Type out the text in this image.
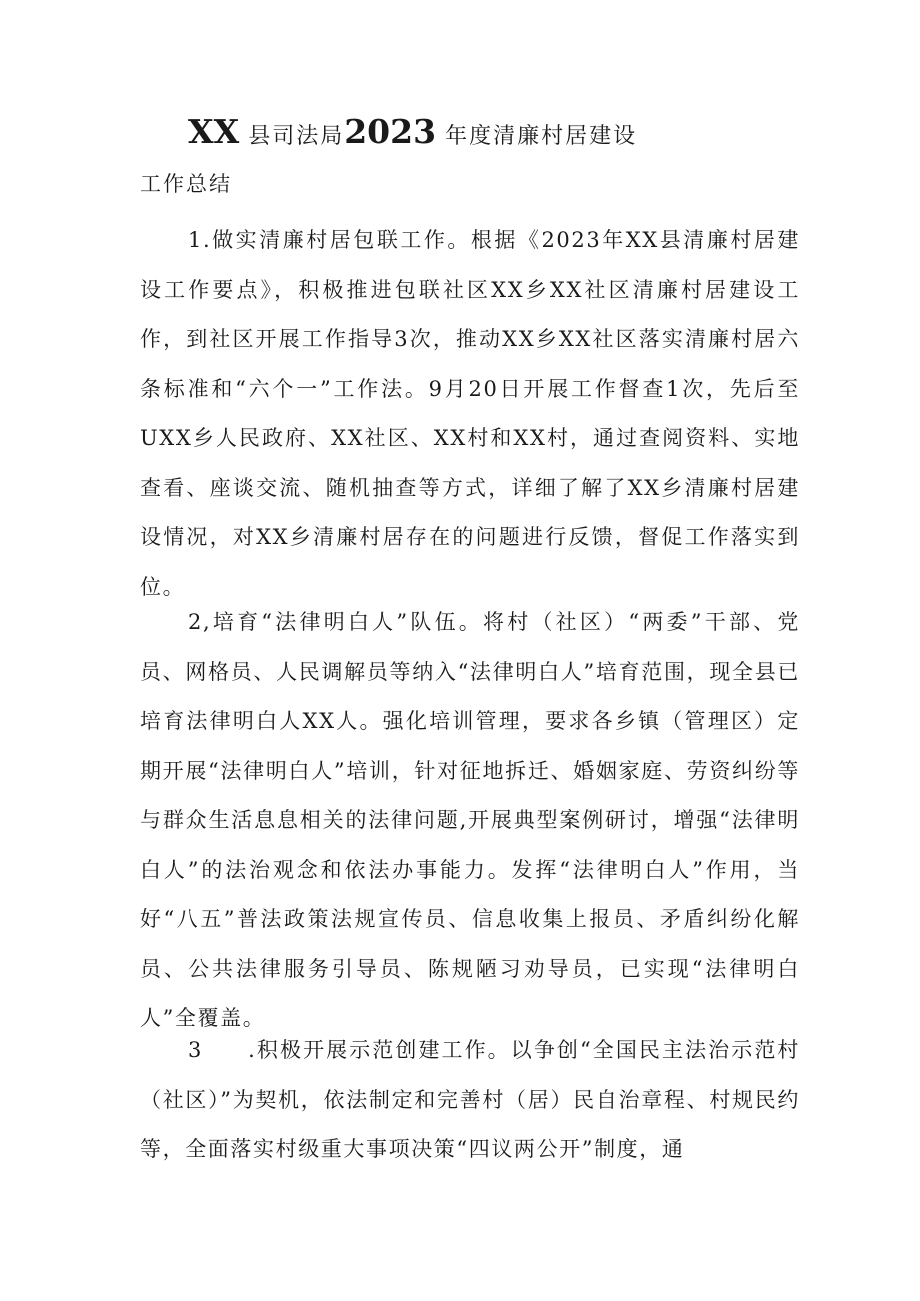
XX 县司法局2023 年度清廉村居建设
工作总结

1.做实清廉村居包联工作。根据《2023年XX县清廉村居建设工作要点》，积极推进包联社区XX乡XX社区清廉村居建设工作，到社区开展工作指导3次，推动XX乡XX社区落实清廉村居六条标准和“六个一”工作法。9月20日开展工作督查1次，先后至UXX乡人民政府、XX社区、XX村和XX村，通过查阅资料、实地查看、座谈交流、随机抽查等方式，详细了解了XX乡清廉村居建设情况，对XX乡清廉村居存在的问题进行反馈，督促工作落实到位。

2,培育“法律明白人”队伍。将村（社区）“两委”干部、党员、网格员、人民调解员等纳入“法律明白人”培育范围，现全县已培育法律明白人XX人。强化培训管理，要求各乡镇（管理区）定期开展“法律明白人”培训，针对征地拆迁、婚姻家庭、劳资纠纷等与群众生活息息相关的法律问题,开展典型案例研讨，增强“法律明白人”的法治观念和依法办事能力。发挥“法律明白人”作用，当好“八五”普法政策法规宣传员、信息收集上报员、矛盾纠纷化解员、公共法律服务引导员、陈规陋习劝导员，已实现“法律明白人”全覆盖。

3  .积极开展示范创建工作。以争创“全国民主法治示范村（社区）”为契机，依法制定和完善村（居）民自治章程、村规民约等，全面落实村级重大事项决策“四议两公开”制度，通
